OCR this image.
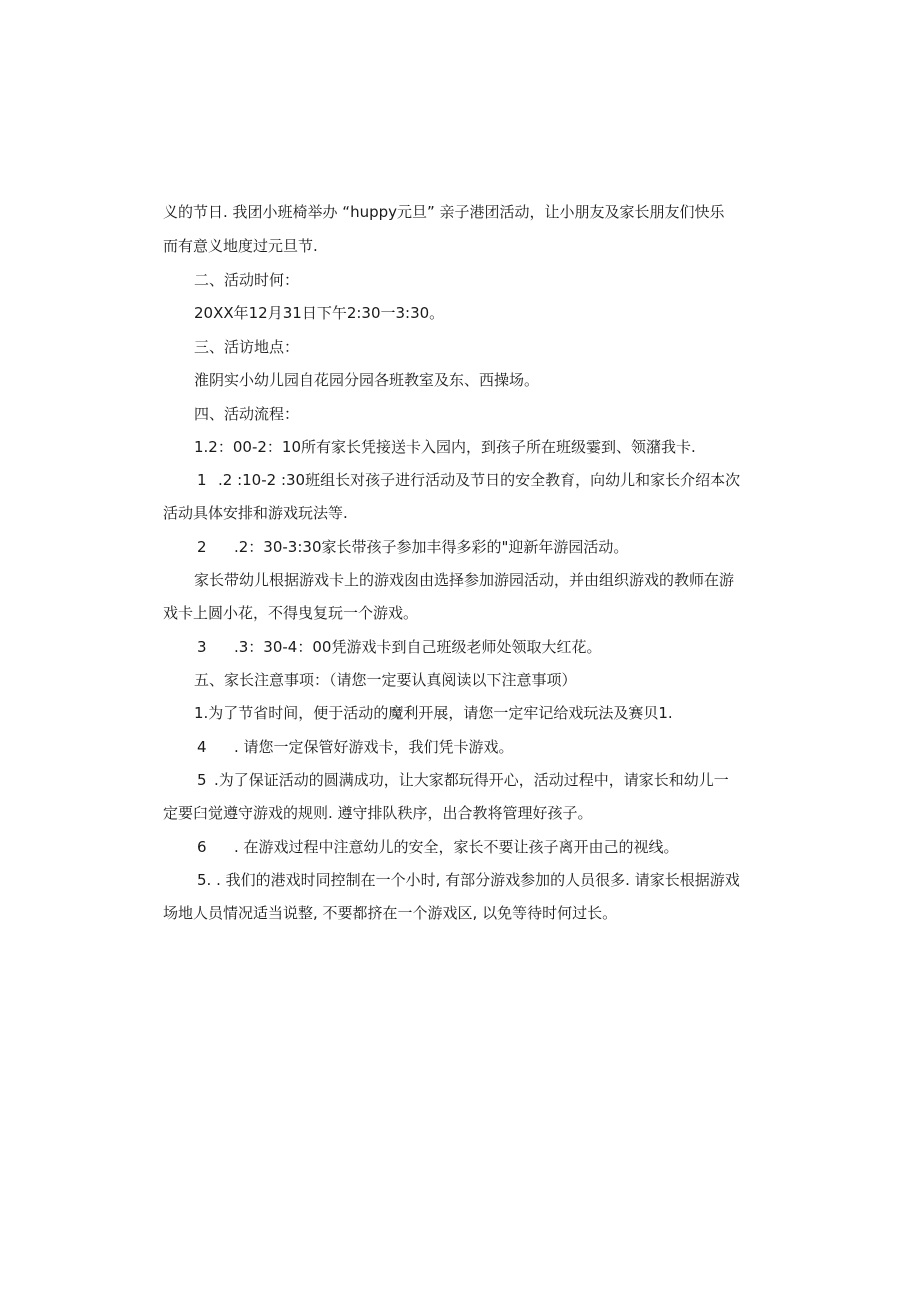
义的节日. 我团小班椅举办 “huppy元旦” 亲子港团活动，让小朋友及家长朋友们快乐
而有意义地度过元旦节.
二、活动时何：
20XX年12月31日下午2:30一3:30。
三、活访地点：
淮阴实小幼儿园自花园分园各班教室及东、西操场。
四、活动流程：
1.2：00-2：10所有家长凭接送卡入园内，到孩子所在班级霎到、领潴我卡.
1 .2 :10-2 :30班组长对孩子进行活动及节日的安全教育，向幼儿和家长介绍本次
活动具体安排和游戏玩法等.
2 .2：30-3:30家长带孩子参加丰得多彩的"迎新年游园活动。
家长带幼儿根据游戏卡上的游戏囱由选择参加游园活动，并由组织游戏的教师在游
戏卡上圆小花，不得曳复玩一个游戏。
3 .3：30-4：00凭游戏卡到自己班级老师处领取大红花。
五、家长注意事项：（请您一定要认真阅读以下注意事项）
1.为了节省时间，便于活动的魔利开展，请您一定牢记给戏玩法及赛贝1.
4 . 请您一定保管好游戏卡，我们凭卡游戏。
5 .为了保证活动的圆满成功，让大家都玩得开心，活动过程中，请家长和幼儿一
定要臼觉遵守游戏的规则. 遵守排队秩序，出合教将管理好孩子。
6 . 在游戏过程中注意幼儿的安全，家长不要让孩子离开由己的视线。
5. . 我们的港戏时同控制在一个小时, 有部分游戏参加的人员很多. 请家长根据游戏
场地人员情况适当说整, 不要都挤在一个游戏区, 以免等待时何过长。
